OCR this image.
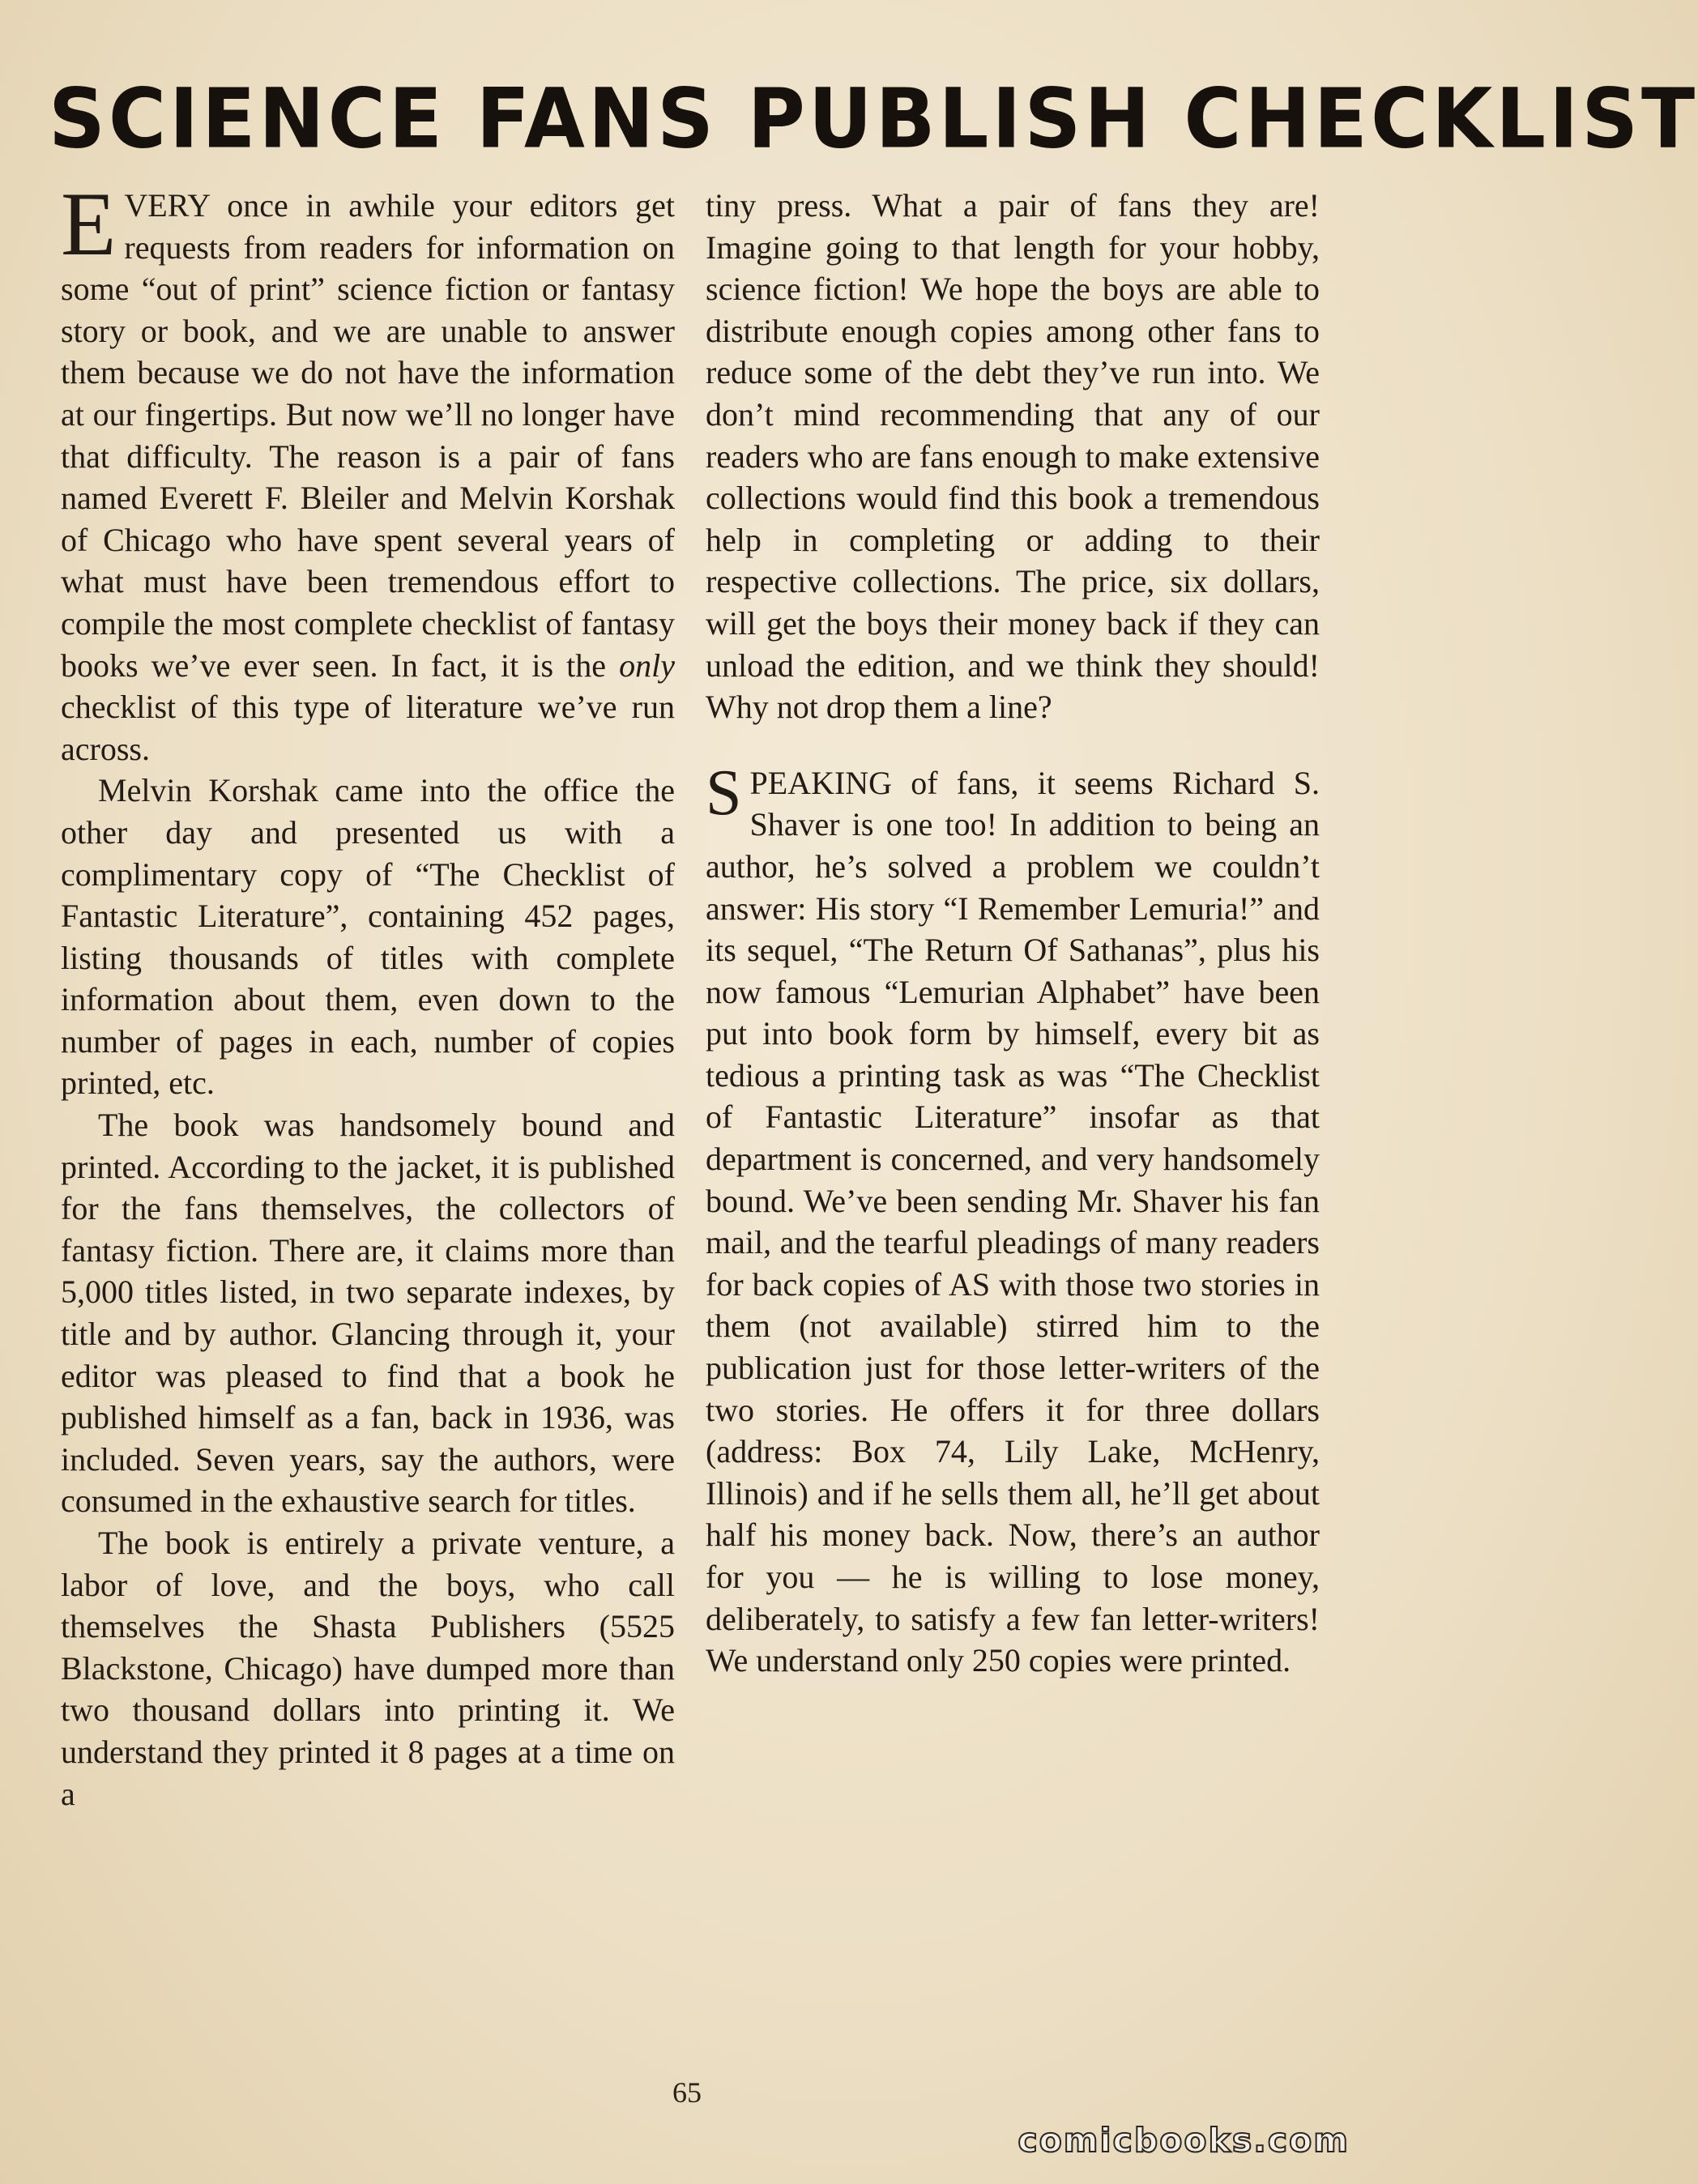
SCIENCE FANS PUBLISH CHECKLIST

EVERY once in awhile your editors get requests from readers for information on some “out of print” science fiction or fantasy story or book, and we are unable to answer them because we do not have the information at our fingertips. But now we’ll no longer have that difficulty. The reason is a pair of fans named Everett F. Bleiler and Melvin Korshak of Chicago who have spent several years of what must have been tremendous effort to compile the most complete checklist of fantasy books we’ve ever seen. In fact, it is the only checklist of this type of literature we’ve run across.

Melvin Korshak came into the office the other day and presented us with a complimentary copy of “The Checklist of Fantastic Literature”, containing 452 pages, listing thousands of titles with complete information about them, even down to the number of pages in each, number of copies printed, etc.

The book was handsomely bound and printed. According to the jacket, it is published for the fans themselves, the collectors of fantasy fiction. There are, it claims more than 5,000 titles listed, in two separate indexes, by title and by author. Glancing through it, your editor was pleased to find that a book he published himself as a fan, back in 1936, was included. Seven years, say the authors, were consumed in the exhaustive search for titles.

The book is entirely a private venture, a labor of love, and the boys, who call themselves the Shasta Publishers (5525 Blackstone, Chicago) have dumped more than two thousand dollars into printing it. We understand they printed it 8 pages at a time on a

tiny press. What a pair of fans they are! Imagine going to that length for your hobby, science fiction! We hope the boys are able to distribute enough copies among other fans to reduce some of the debt they’ve run into. We don’t mind recommending that any of our readers who are fans enough to make extensive collections would find this book a tremendous help in completing or adding to their respective collections. The price, six dollars, will get the boys their money back if they can unload the edition, and we think they should! Why not drop them a line?

SPEAKING of fans, it seems Richard S. Shaver is one too! In addition to being an author, he’s solved a problem we couldn’t answer: His story “I Remember Lemuria!” and its sequel, “The Return Of Sathanas”, plus his now famous “Lemurian Alphabet” have been put into book form by himself, every bit as tedious a printing task as was “The Checklist of Fantastic Literature” insofar as that department is concerned, and very handsomely bound. We’ve been sending Mr. Shaver his fan mail, and the tearful pleadings of many readers for back copies of AS with those two stories in them (not available) stirred him to the publication just for those letter-writers of the two stories. He offers it for three dollars (address: Box 74, Lily Lake, McHenry, Illinois) and if he sells them all, he’ll get about half his money back. Now, there’s an author for you — he is willing to lose money, deliberately, to satisfy a few fan letter-writers! We understand only 250 copies were printed.

65
comicbooks.com
